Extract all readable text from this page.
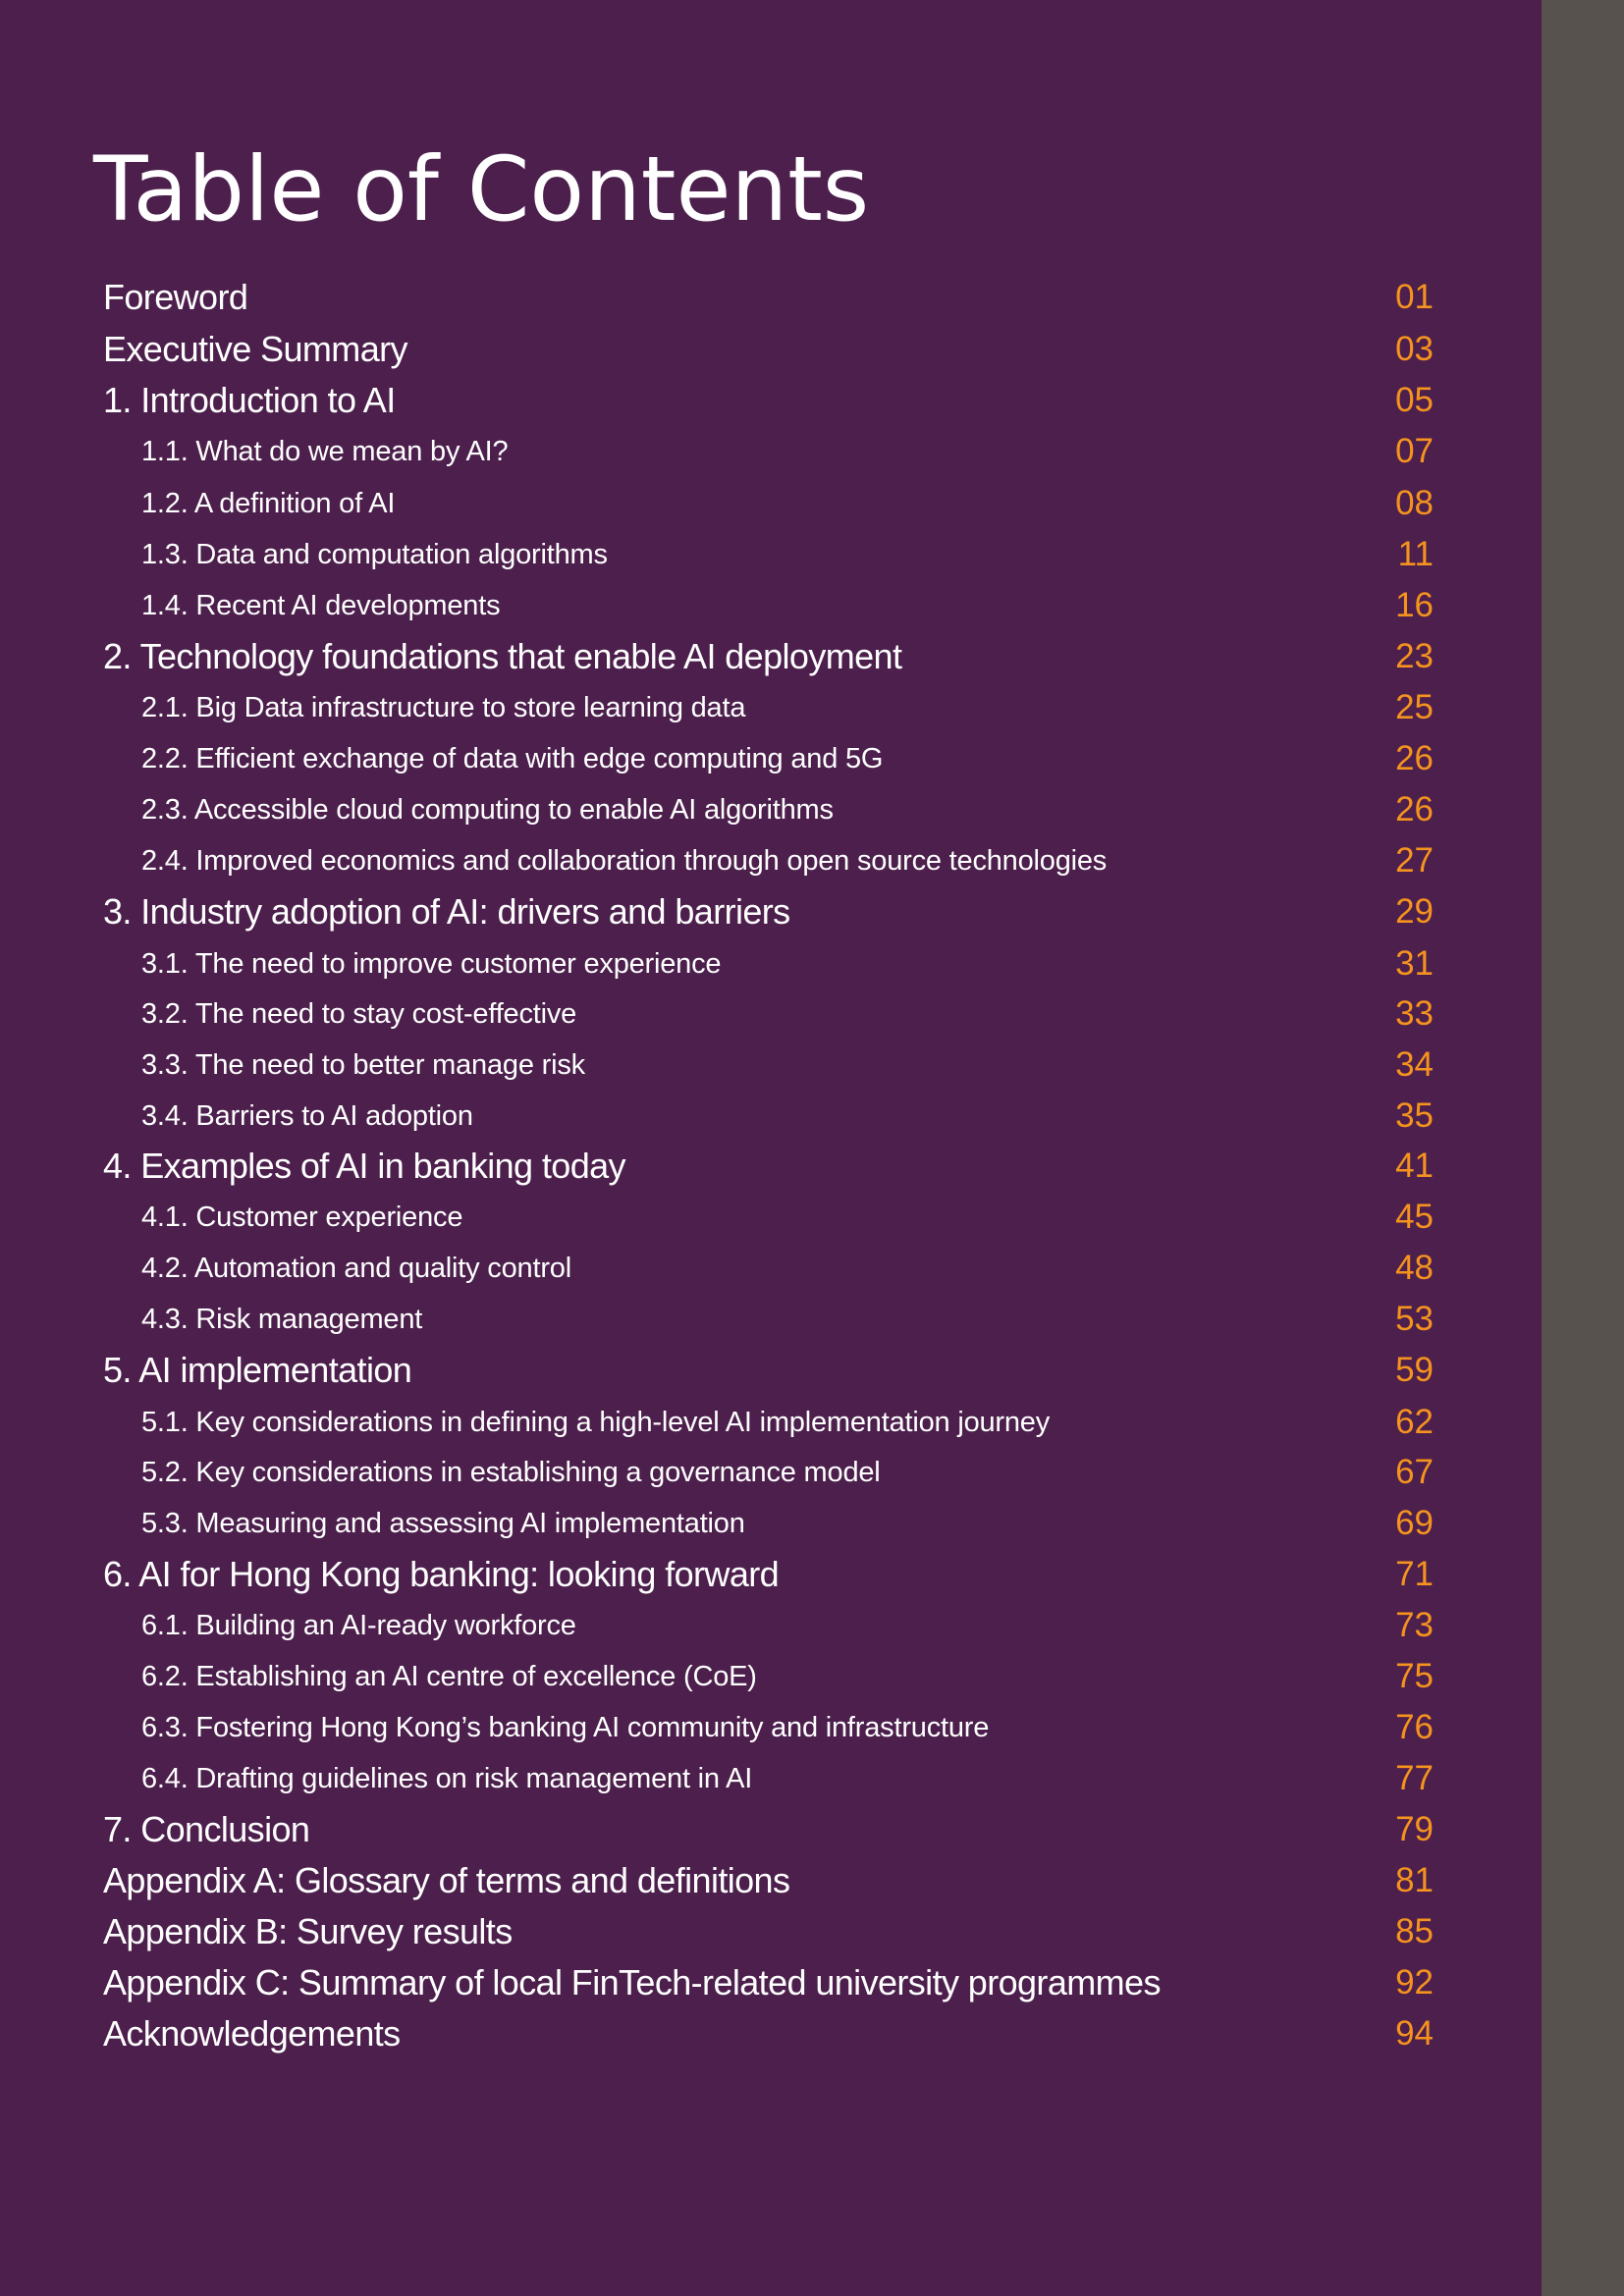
Table of Contents
Foreword	01
Executive Summary	03
1. Introduction to AI	05
1.1. What do we mean by AI?	07
1.2. A definition of AI	08
1.3. Data and computation algorithms	11
1.4. Recent AI developments	16
2. Technology foundations that enable AI deployment	23
2.1. Big Data infrastructure to store learning data	25
2.2. Efficient exchange of data with edge computing and 5G	26
2.3. Accessible cloud computing to enable AI algorithms	26
2.4. Improved economics and collaboration through open source technologies	27
3. Industry adoption of AI: drivers and barriers	29
3.1. The need to improve customer experience	31
3.2. The need to stay cost-effective	33
3.3. The need to better manage risk	34
3.4. Barriers to AI adoption	35
4. Examples of AI in banking today	41
4.1. Customer experience	45
4.2. Automation and quality control	48
4.3. Risk management	53
5. AI implementation	59
5.1. Key considerations in defining a high-level AI implementation journey	62
5.2. Key considerations in establishing a governance model	67
5.3. Measuring and assessing AI implementation	69
6. AI for Hong Kong banking: looking forward	71
6.1. Building an AI-ready workforce	73
6.2. Establishing an AI centre of excellence (CoE)	75
6.3. Fostering Hong Kong’s banking AI community and infrastructure	76
6.4. Drafting guidelines on risk management in AI	77
7. Conclusion	79
Appendix A: Glossary of terms and definitions	81
Appendix B: Survey results	85
Appendix C: Summary of local FinTech-related university programmes	92
Acknowledgements	94
